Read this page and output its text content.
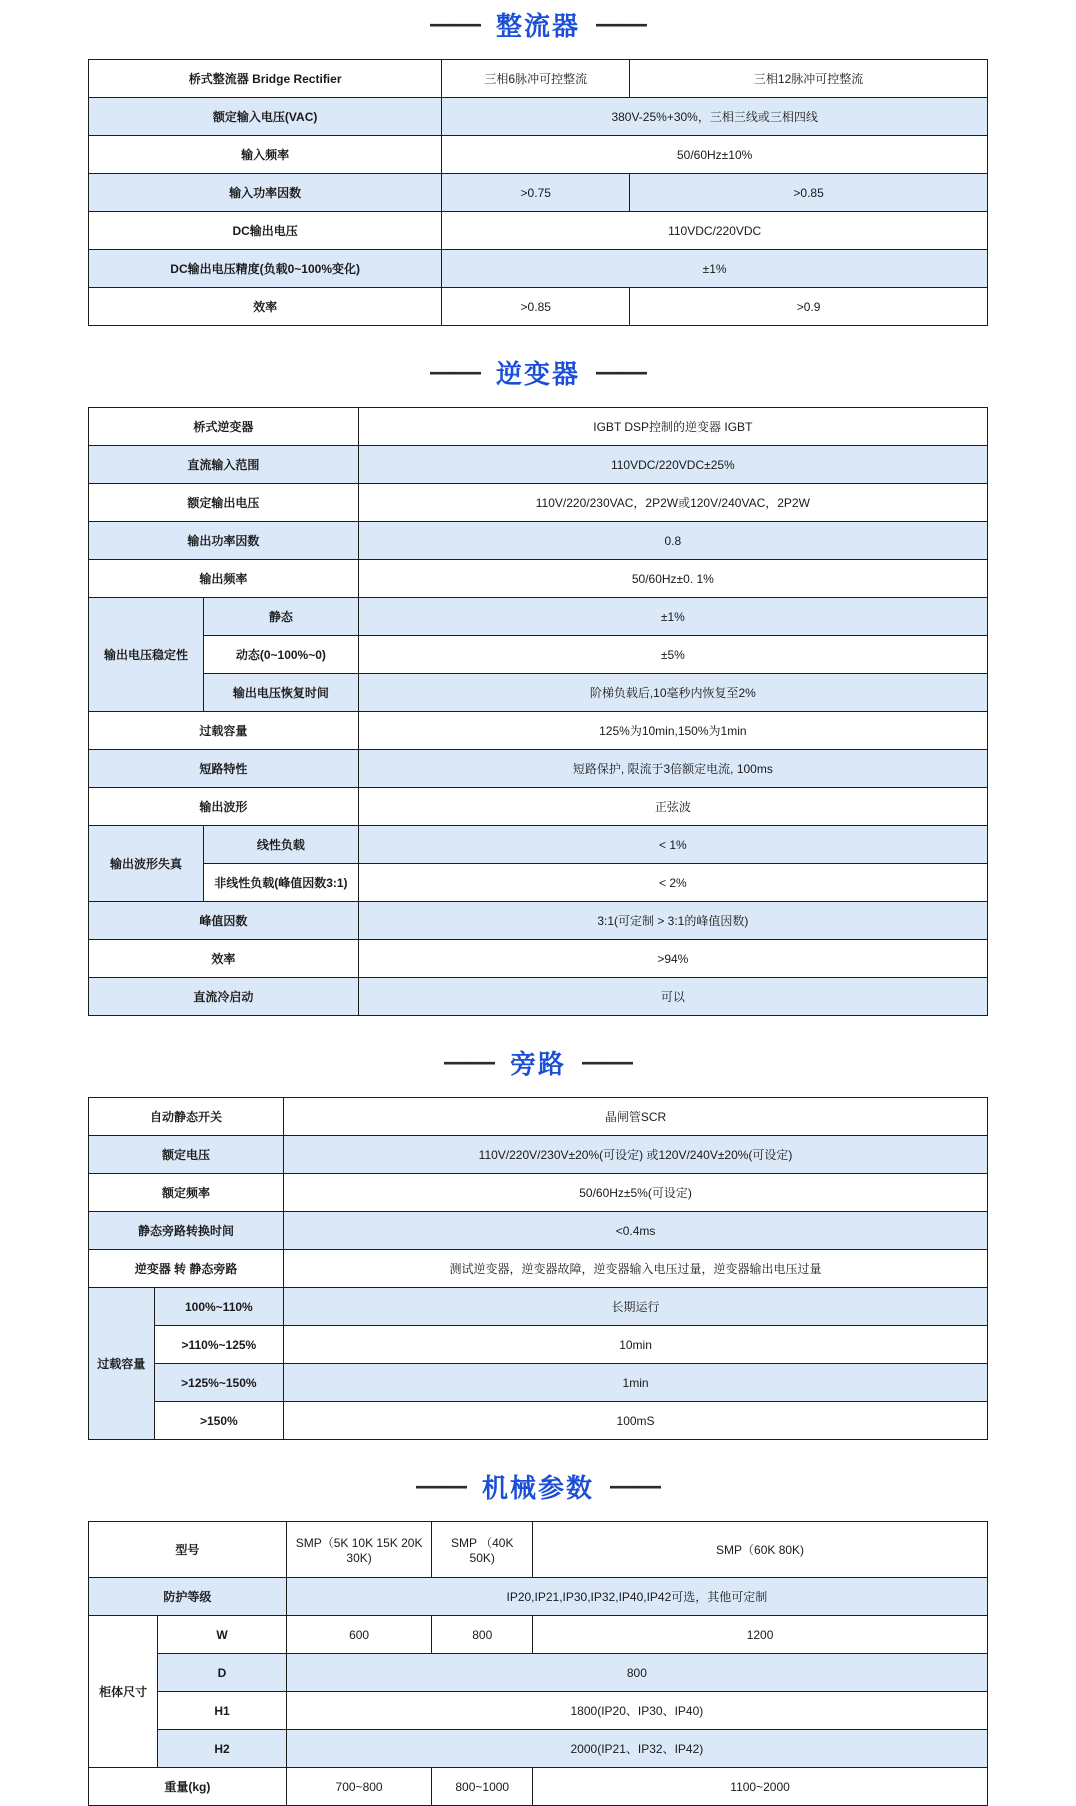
—— 整流器 ——
桥式整流器 Bridge Rectifier	三相6脉冲可控整流	三相12脉冲可控整流
额定输入电压(VAC)	380V-25%+30%，三相三线或三相四线	
输入频率	50/60Hz±10%	
输入功率因数	>0.75	>0.85
DC输出电压	110VDC/220VDC	
DC输出电压精度(负载0~100%变化)	±1%	
效率	>0.85	>0.9
—— 逆变器 ——
桥式逆变器		IGBT DSP控制的逆变器 IGBT
直流输入范围		110VDC/220VDC±25%
额定输出电压		110V/220/230VAC，2P2W或120V/240VAC，2P2W
输出功率因数		0.8
输出频率		50/60Hz±0. 1%
输出电压稳定性	静态	±1%
	动态(0~100%~0)	±5%
	输出电压恢复时间	阶梯负载后,10毫秒内恢复至2%
过载容量		125%为10min,150%为1min
短路特性		短路保护, 限流于3倍额定电流, 100ms
输出波形		正弦波
输出波形失真	线性负载	< 1%
	非线性负载(峰值因数3:1)	< 2%
峰值因数		3:1(可定制 > 3:1的峰值因数)
效率		>94%
直流冷启动		可以
—— 旁路 ——
自动静态开关		晶闸管SCR
额定电压		110V/220V/230V±20%(可设定) 或120V/240V±20%(可设定)
额定频率		50/60Hz±5%(可设定)
静态旁路转换时间		<0.4ms
逆变器 转 静态旁路		测试逆变器，逆变器故障，逆变器输入电压过量，逆变器输出电压过量
过载容量	100%~110%	长期运行
	>110%~125%	10min
	>125%~150%	1min
	>150%	100mS
—— 机械参数 ——
型号		SMP（5K 10K 15K 20K 30K)	SMP （40K 50K)	SMP（60K 80K)
防护等级		IP20,IP21,IP30,IP32,IP40,IP42可选，其他可定制		
柜体尺寸	W	600	800	1200
	D	800		
	H1	1800(IP20、IP30、IP40)		
	H2	2000(IP21、IP32、IP42)		
重量(kg)		700~800	800~1000	1100~2000
